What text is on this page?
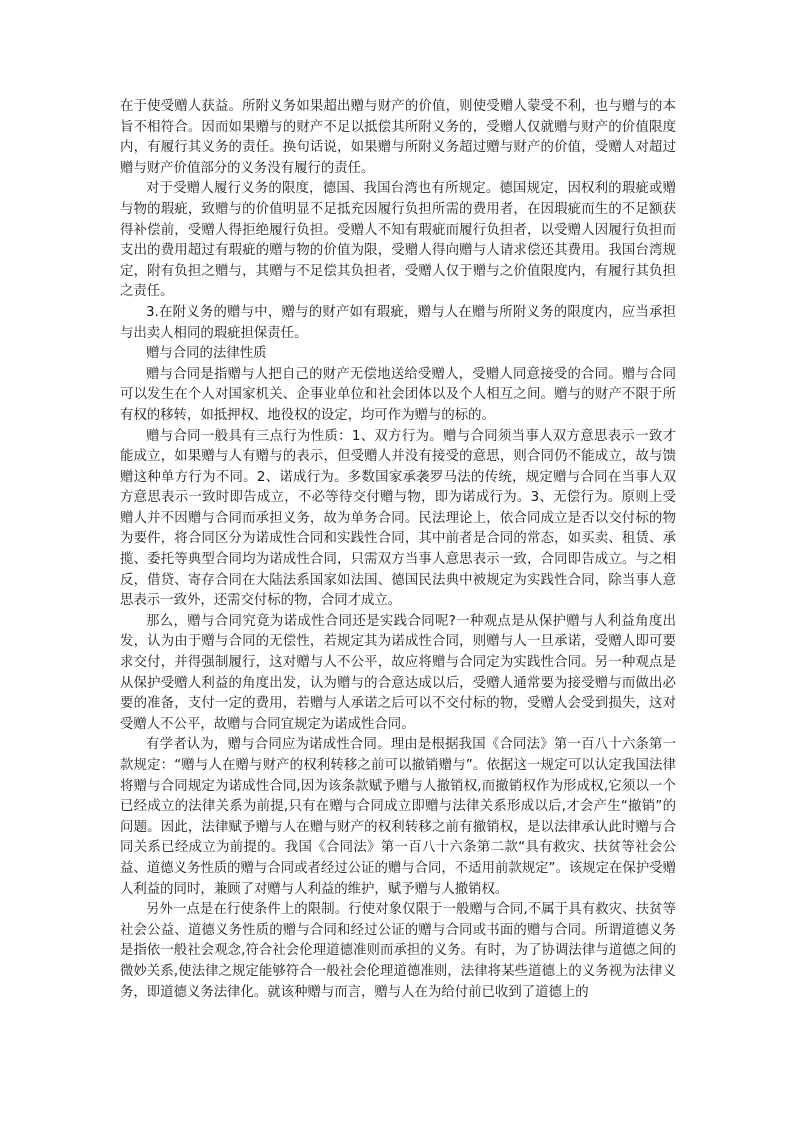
在于使受赠人获益。所附义务如果超出赠与财产的价值，则使受赠人蒙受不利，也与赠与的本旨不相符合。因而如果赠与的财产不足以抵偿其所附义务的，受赠人仅就赠与财产的价值限度内，有履行其义务的责任。换句话说，如果赠与所附义务超过赠与财产的价值，受赠人对超过赠与财产价值部分的义务没有履行的责任。

对于受赠人履行义务的限度，德国、我国台湾也有所规定。德国规定，因权利的瑕疵或赠与物的瑕疵，致赠与的价值明显不足抵充因履行负担所需的费用者，在因瑕疵而生的不足额获得补偿前，受赠人得拒绝履行负担。受赠人不知有瑕疵而履行负担者，以受赠人因履行负担而支出的费用超过有瑕疵的赠与物的价值为限，受赠人得向赠与人请求偿还其费用。我国台湾规定，附有负担之赠与，其赠与不足偿其负担者，受赠人仅于赠与之价值限度内，有履行其负担之责任。

3.在附义务的赠与中，赠与的财产如有瑕疵，赠与人在赠与所附义务的限度内，应当承担与出卖人相同的瑕疵担保责任。

赠与合同的法律性质

赠与合同是指赠与人把自己的财产无偿地送给受赠人，受赠人同意接受的合同。赠与合同可以发生在个人对国家机关、企事业单位和社会团体以及个人相互之间。赠与的财产不限于所有权的移转，如抵押权、地役权的设定，均可作为赠与的标的。

赠与合同一般具有三点行为性质：1、双方行为。赠与合同须当事人双方意思表示一致才能成立，如果赠与人有赠与的表示，但受赠人并没有接受的意思，则合同仍不能成立，故与馈赠这种单方行为不同。2、诺成行为。多数国家承袭罗马法的传统，规定赠与合同在当事人双方意思表示一致时即告成立，不必等待交付赠与物，即为诺成行为。3、无偿行为。原则上受赠人并不因赠与合同而承担义务，故为单务合同。民法理论上，依合同成立是否以交付标的物为要件，将合同区分为诺成性合同和实践性合同，其中前者是合同的常态，如买卖、租赁、承揽、委托等典型合同均为诺成性合同，只需双方当事人意思表示一致，合同即告成立。与之相反，借贷、寄存合同在大陆法系国家如法国、德国民法典中被规定为实践性合同，除当事人意思表示一致外，还需交付标的物，合同才成立。

那么，赠与合同究竟为诺成性合同还是实践合同呢?一种观点是从保护赠与人利益角度出发，认为由于赠与合同的无偿性，若规定其为诺成性合同，则赠与人一旦承诺，受赠人即可要求交付，并得强制履行，这对赠与人不公平，故应将赠与合同定为实践性合同。另一种观点是从保护受赠人利益的角度出发，认为赠与的合意达成以后，受赠人通常要为接受赠与而做出必要的准备，支付一定的费用，若赠与人承诺之后可以不交付标的物，受赠人会受到损失，这对受赠人不公平，故赠与合同宜规定为诺成性合同。

有学者认为，赠与合同应为诺成性合同。理由是根据我国《合同法》第一百八十六条第一款规定：“赠与人在赠与财产的权利转移之前可以撤销赠与”。依据这一规定可以认定我国法律将赠与合同规定为诺成性合同,因为该条款赋予赠与人撤销权,而撤销权作为形成权,它须以一个已经成立的法律关系为前提,只有在赠与合同成立即赠与法律关系形成以后,才会产生“撤销”的问题。因此，法律赋予赠与人在赠与财产的权利转移之前有撤销权，是以法律承认此时赠与合同关系已经成立为前提的。我国《合同法》第一百八十六条第二款“具有救灾、扶贫等社会公益、道德义务性质的赠与合同或者经过公证的赠与合同，不适用前款规定”。该规定在保护受赠人利益的同时，兼顾了对赠与人利益的维护，赋予赠与人撤销权。

另外一点是在行使条件上的限制。行使对象仅限于一般赠与合同,不属于具有救灾、扶贫等社会公益、道德义务性质的赠与合同和经过公证的赠与合同或书面的赠与合同。所谓道德义务是指依一般社会观念,符合社会伦理道德准则而承担的义务。有时，为了协调法律与道德之间的微妙关系,使法律之规定能够符合一般社会伦理道德准则，法律将某些道德上的义务视为法律义务，即道德义务法律化。就该种赠与而言，赠与人在为给付前已收到了道德上的
